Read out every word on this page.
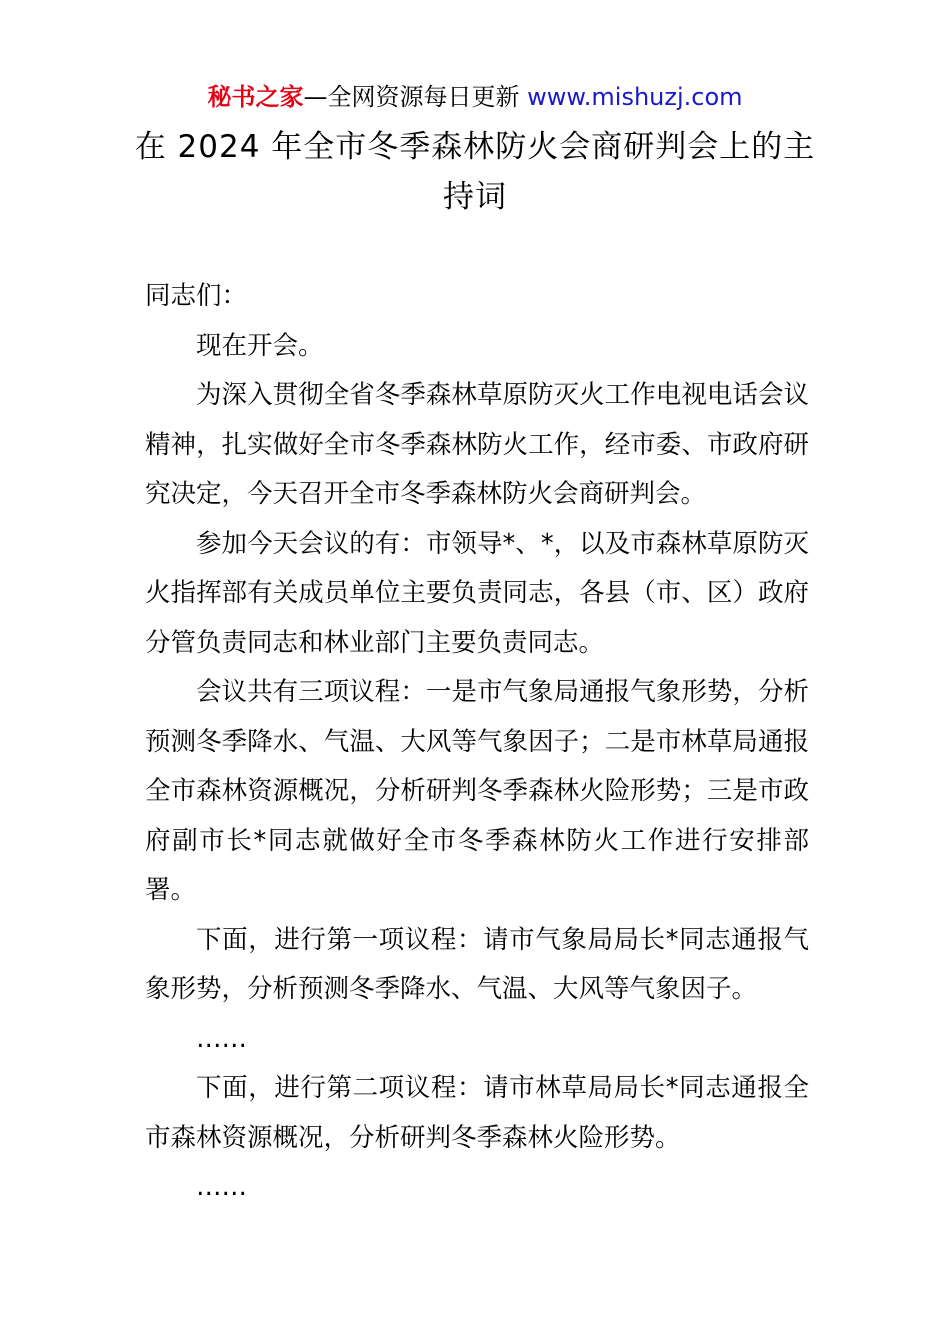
秘书之家—全网资源每日更新 www.mishuzj.com
在 2024 年全市冬季森林防火会商研判会上的主持词

同志们：

现在开会。

为深入贯彻全省冬季森林草原防灭火工作电视电话会议精神，扎实做好全市冬季森林防火工作，经市委、市政府研究决定，今天召开全市冬季森林防火会商研判会。

参加今天会议的有：市领导*、*，以及市森林草原防灭火指挥部有关成员单位主要负责同志，各县（市、区）政府分管负责同志和林业部门主要负责同志。

会议共有三项议程：一是市气象局通报气象形势，分析预测冬季降水、气温、大风等气象因子；二是市林草局通报全市森林资源概况，分析研判冬季森林火险形势；三是市政府副市长*同志就做好全市冬季森林防火工作进行安排部署。

下面，进行第一项议程：请市气象局局长*同志通报气象形势，分析预测冬季降水、气温、大风等气象因子。

……

下面，进行第二项议程：请市林草局局长*同志通报全市森林资源概况，分析研判冬季森林火险形势。

……
